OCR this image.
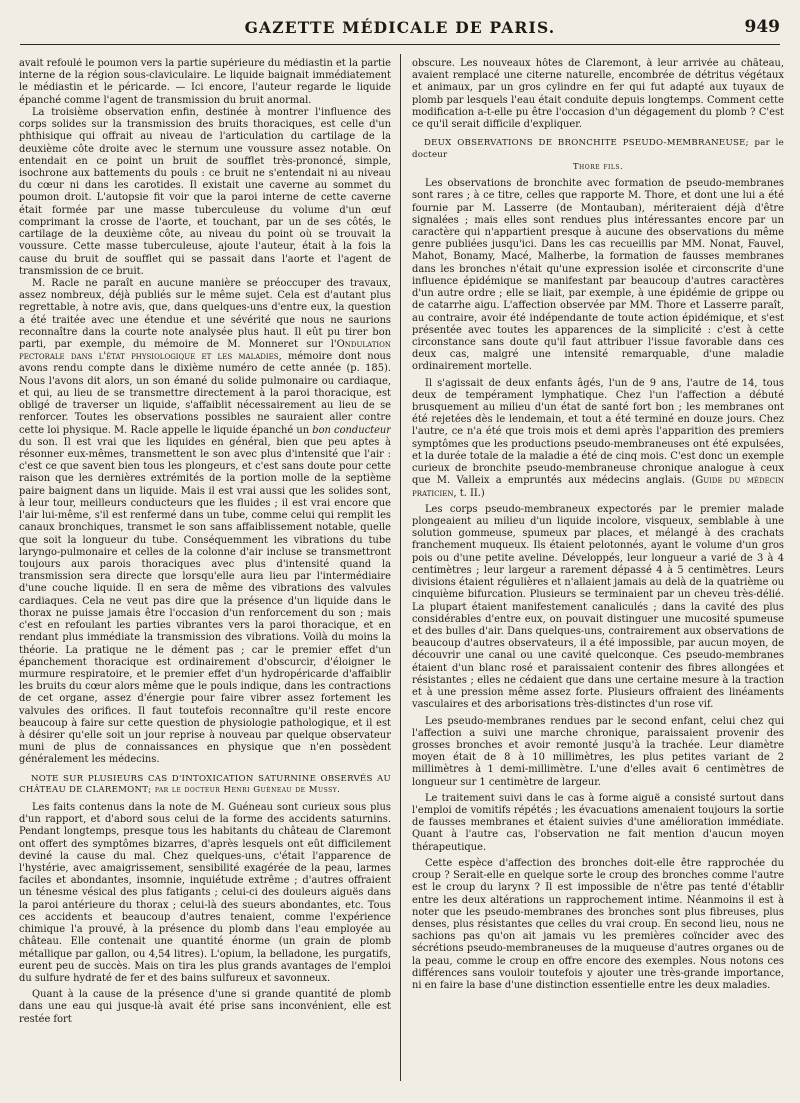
GAZETTE MÉDICALE DE PARIS.	949

avait refoulé le poumon vers la partie supérieure du médiastin et la partie interne de la région sous-claviculaire. Le liquide baignait immédiatement le médiastin et le péricarde. — Ici encore, l'auteur regarde le liquide épanché comme l'agent de transmission du bruit anormal.

La troisième observation enfin, destinée à montrer l'influence des corps solides sur la transmission des bruits thoraciques, est celle d'un phthisique qui offrait au niveau de l'articulation du cartilage de la deuxième côte droite avec le sternum une voussure assez notable. On entendait en ce point un bruit de soufflet très-prononcé, simple, isochrone aux battements du pouls : ce bruit ne s'entendait ni au niveau du cœur ni dans les carotides. Il existait une caverne au sommet du poumon droit. L'autopsie fit voir que la paroi interne de cette caverne était formée par une masse tuberculeuse du volume d'un œuf comprimant la crosse de l'aorte, et touchant, par un de ses côtés, le cartilage de la deuxième côte, au niveau du point où se trouvait la voussure. Cette masse tuberculeuse, ajoute l'auteur, était à la fois la cause du bruit de soufflet qui se passait dans l'aorte et l'agent de transmission de ce bruit.

M. Racle ne paraît en aucune manière se préoccuper des travaux, assez nombreux, déjà publiés sur le même sujet. Cela est d'autant plus regrettable, à notre avis, que, dans quelques-uns d'entre eux, la question a été traitée avec une étendue et une sévérité que nous ne saurions reconnaître dans la courte note analysée plus haut. Il eût pu tirer bon parti, par exemple, du mémoire de M. Monneret sur l'Ondulation pectorale dans l'état physiologique et les maladies, mémoire dont nous avons rendu compte dans le dixième numéro de cette année (p. 185). Nous l'avons dit alors, un son émané du solide pulmonaire ou cardiaque, et qui, au lieu de se transmettre directement à la paroi thoracique, est obligé de traverser un liquide, s'affaiblit nécessairement au lieu de se renforcer. Toutes les observations possibles ne sauraient aller contre cette loi physique. M. Racle appelle le liquide épanché un bon conducteur du son. Il est vrai que les liquides en général, bien que peu aptes à résonner eux-mêmes, transmettent le son avec plus d'intensité que l'air : c'est ce que savent bien tous les plongeurs, et c'est sans doute pour cette raison que les dernières extrémités de la portion molle de la septième paire baignent dans un liquide. Mais il est vrai aussi que les solides sont, à leur tour, meilleurs conducteurs que les fluides ; il est vrai encore que l'air lui-même, s'il est renfermé dans un tube, comme celui qui remplit les canaux bronchiques, transmet le son sans affaiblissement notable, quelle que soit la longueur du tube. Conséquemment les vibrations du tube laryngo-pulmonaire et celles de la colonne d'air incluse se transmettront toujours aux parois thoraciques avec plus d'intensité quand la transmission sera directe que lorsqu'elle aura lieu par l'intermédiaire d'une couche liquide. Il en sera de même des vibrations des valvules cardiaques. Cela ne veut pas dire que la présence d'un liquide dans le thorax ne puisse jamais être l'occasion d'un renforcement du son ; mais c'est en refoulant les parties vibrantes vers la paroi thoracique, et en rendant plus immédiate la transmission des vibrations. Voilà du moins la théorie. La pratique ne le dément pas ; car le premier effet d'un épanchement thoracique est ordinairement d'obscurcir, d'éloigner le murmure respiratoire, et le premier effet d'un hydropéricarde d'affaiblir les bruits du cœur alors même que le pouls indique, dans les contractions de cet organe, assez d'énergie pour faire vibrer assez fortement les valvules des orifices. Il faut toutefois reconnaître qu'il reste encore beaucoup à faire sur cette question de physiologie pathologique, et il est à désirer qu'elle soit un jour reprise à nouveau par quelque observateur muni de plus de connaissances en physique que n'en possèdent généralement les médecins.

NOTE SUR PLUSIEURS CAS D'INTOXICATION SATURNINE OBSERVÉS AU CHÂTEAU DE CLAREMONT; par le docteur Henri Guéneau de Mussy.

Les faits contenus dans la note de M. Guéneau sont curieux sous plus d'un rapport, et d'abord sous celui de la forme des accidents saturnins. Pendant longtemps, presque tous les habitants du château de Claremont ont offert des symptômes bizarres, d'après lesquels ont eût difficilement deviné la cause du mal. Chez quelques-uns, c'était l'apparence de l'hystérie, avec amaigrissement, sensibilité exagérée de la peau, larmes faciles et abondantes, insomnie, inquiétude extrême ; d'autres offraient un ténesme vésical des plus fatigants ; celui-ci des douleurs aiguës dans la paroi antérieure du thorax ; celui-là des sueurs abondantes, etc. Tous ces accidents et beaucoup d'autres tenaient, comme l'expérience chimique l'a prouvé, à la présence du plomb dans l'eau employée au château. Elle contenait une quantité énorme (un grain de plomb métallique par gallon, ou 4,54 litres). L'opium, la belladone, les purgatifs, eurent peu de succès. Mais on tira les plus grands avantages de l'emploi du sulfure hydraté de fer et des bains sulfureux et savonneux.

Quant à la cause de la présence d'une si grande quantité de plomb dans une eau qui jusque-là avait été prise sans inconvénient, elle est restée fort

obscure. Les nouveaux hôtes de Claremont, à leur arrivée au château, avaient remplacé une citerne naturelle, encombrée de détritus végétaux et animaux, par un gros cylindre en fer qui fut adapté aux tuyaux de plomb par lesquels l'eau était conduite depuis longtemps. Comment cette modification a-t-elle pu être l'occasion d'un dégagement du plomb ? C'est ce qu'il serait difficile d'expliquer.

DEUX OBSERVATIONS DE BRONCHITE PSEUDO-MEMBRANEUSE; par le docteur
Thore fils.

Les observations de bronchite avec formation de pseudo-membranes sont rares ; à ce titre, celles que rapporte M. Thore, et dont une lui a été fournie par M. Lasserre (de Montauban), mériteraient déjà d'être signalées ; mais elles sont rendues plus intéressantes encore par un caractère qui n'appartient presque à aucune des observations du même genre publiées jusqu'ici. Dans les cas recueillis par MM. Nonat, Fauvel, Mahot, Bonamy, Macé, Malherbe, la formation de fausses membranes dans les bronches n'était qu'une expression isolée et circonscrite d'une influence épidémique se manifestant par beaucoup d'autres caractères d'un autre ordre ; elle se liait, par exemple, à une épidémie de grippe ou de catarrhe aigu. L'affection observée par MM. Thore et Lasserre paraît, au contraire, avoir été indépendante de toute action épidémique, et s'est présentée avec toutes les apparences de la simplicité : c'est à cette circonstance sans doute qu'il faut attribuer l'issue favorable dans ces deux cas, malgré une intensité remarquable, d'une maladie ordinairement mortelle.

Il s'agissait de deux enfants âgés, l'un de 9 ans, l'autre de 14, tous deux de tempérament lymphatique. Chez l'un l'affection a débuté brusquement au milieu d'un état de santé fort bon ; les membranes ont été rejetées dès le lendemain, et tout a été terminé en douze jours. Chez l'autre, ce n'a été que trois mois et demi après l'apparition des premiers symptômes que les productions pseudo-membraneuses ont été expulsées, et la durée totale de la maladie a été de cinq mois. C'est donc un exemple curieux de bronchite pseudo-membraneuse chronique analogue à ceux que M. Valleix a empruntés aux médecins anglais. (Guide du médecin praticien, t. II.)

Les corps pseudo-membraneux expectorés par le premier malade plongeaient au milieu d'un liquide incolore, visqueux, semblable à une solution gommeuse, spumeux par places, et mélangé à des crachats franchement muqueux. Ils étaient pelotonnés, ayant le volume d'un gros pois ou d'une petite aveline. Développés, leur longueur a varié de 3 à 4 centimètres ; leur largeur a rarement dépassé 4 à 5 centimètres. Leurs divisions étaient régulières et n'allaient jamais au delà de la quatrième ou cinquième bifurcation. Plusieurs se terminaient par un cheveu très-délié. La plupart étaient manifestement canaliculés ; dans la cavité des plus considérables d'entre eux, on pouvait distinguer une mucosité spumeuse et des bulles d'air. Dans quelques-uns, contrairement aux observations de beaucoup d'autres observateurs, il a été impossible, par aucun moyen, de découvrir une canal ou une cavité quelconque. Ces pseudo-membranes étaient d'un blanc rosé et paraissaient contenir des fibres allongées et résistantes ; elles ne cédaient que dans une certaine mesure à la traction et à une pression même assez forte. Plusieurs offraient des linéaments vasculaires et des arborisations très-distinctes d'un rose vif.

Les pseudo-membranes rendues par le second enfant, celui chez qui l'affection a suivi une marche chronique, paraissaient provenir des grosses bronches et avoir remonté jusqu'à la trachée. Leur diamètre moyen était de 8 à 10 millimètres, les plus petites variant de 2 millimètres à 1 demi-millimètre. L'une d'elles avait 6 centimètres de longueur sur 1 centimètre de largeur.

Le traitement suivi dans le cas à forme aiguë a consisté surtout dans l'emploi de vomitifs répétés ; les évacuations amenaient toujours la sortie de fausses membranes et étaient suivies d'une amélioration immédiate. Quant à l'autre cas, l'observation ne fait mention d'aucun moyen thérapeutique.

Cette espèce d'affection des bronches doit-elle être rapprochée du croup ? Serait-elle en quelque sorte le croup des bronches comme l'autre est le croup du larynx ? Il est impossible de n'être pas tenté d'établir entre les deux altérations un rapprochement intime. Néanmoins il est à noter que les pseudo-membranes des bronches sont plus fibreuses, plus denses, plus résistantes que celles du vrai croup. En second lieu, nous ne sachions pas qu'on ait jamais vu les premières coïncider avec des sécrétions pseudo-membraneuses de la muqueuse d'autres organes ou de la peau, comme le croup en offre encore des exemples. Nous notons ces différences sans vouloir toutefois y ajouter une très-grande importance, ni en faire la base d'une distinction essentielle entre les deux maladies.
